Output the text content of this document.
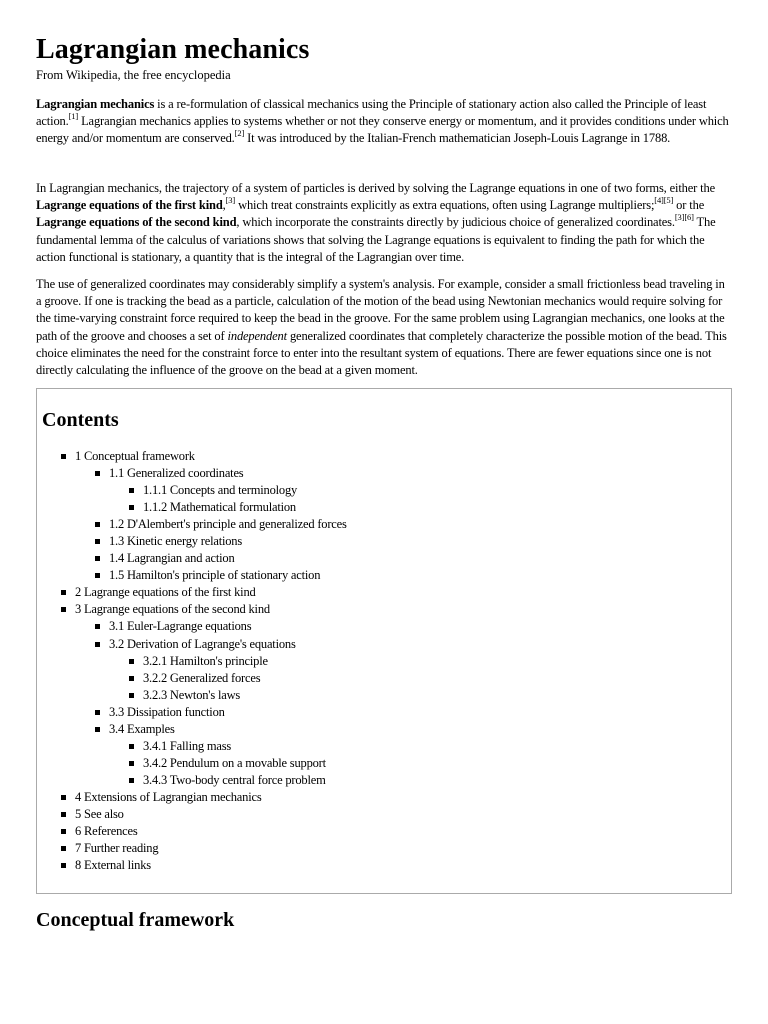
Lagrangian mechanics
From Wikipedia, the free encyclopedia
Lagrangian mechanics is a re-formulation of classical mechanics using the Principle of stationary action also called the Principle of least action.[1] Lagrangian mechanics applies to systems whether or not they conserve energy or momentum, and it provides conditions under which energy and/or momentum are conserved.[2] It was introduced by the Italian-French mathematician Joseph-Louis Lagrange in 1788.
In Lagrangian mechanics, the trajectory of a system of particles is derived by solving the Lagrange equations in one of two forms, either the Lagrange equations of the first kind,[3] which treat constraints explicitly as extra equations, often using Lagrange multipliers;[4][5] or the Lagrange equations of the second kind, which incorporate the constraints directly by judicious choice of generalized coordinates.[3][6] The fundamental lemma of the calculus of variations shows that solving the Lagrange equations is equivalent to finding the path for which the action functional is stationary, a quantity that is the integral of the Lagrangian over time.
The use of generalized coordinates may considerably simplify a system's analysis. For example, consider a small frictionless bead traveling in a groove. If one is tracking the bead as a particle, calculation of the motion of the bead using Newtonian mechanics would require solving for the time-varying constraint force required to keep the bead in the groove. For the same problem using Lagrangian mechanics, one looks at the path of the groove and chooses a set of independent generalized coordinates that completely characterize the possible motion of the bead. This choice eliminates the need for the constraint force to enter into the resultant system of equations. There are fewer equations since one is not directly calculating the influence of the groove on the bead at a given moment.
Contents
1 Conceptual framework
1.1 Generalized coordinates
1.1.1 Concepts and terminology
1.1.2 Mathematical formulation
1.2 D'Alembert's principle and generalized forces
1.3 Kinetic energy relations
1.4 Lagrangian and action
1.5 Hamilton's principle of stationary action
2 Lagrange equations of the first kind
3 Lagrange equations of the second kind
3.1 Euler-Lagrange equations
3.2 Derivation of Lagrange's equations
3.2.1 Hamilton's principle
3.2.2 Generalized forces
3.2.3 Newton's laws
3.3 Dissipation function
3.4 Examples
3.4.1 Falling mass
3.4.2 Pendulum on a movable support
3.4.3 Two-body central force problem
4 Extensions of Lagrangian mechanics
5 See also
6 References
7 Further reading
8 External links
Conceptual framework
